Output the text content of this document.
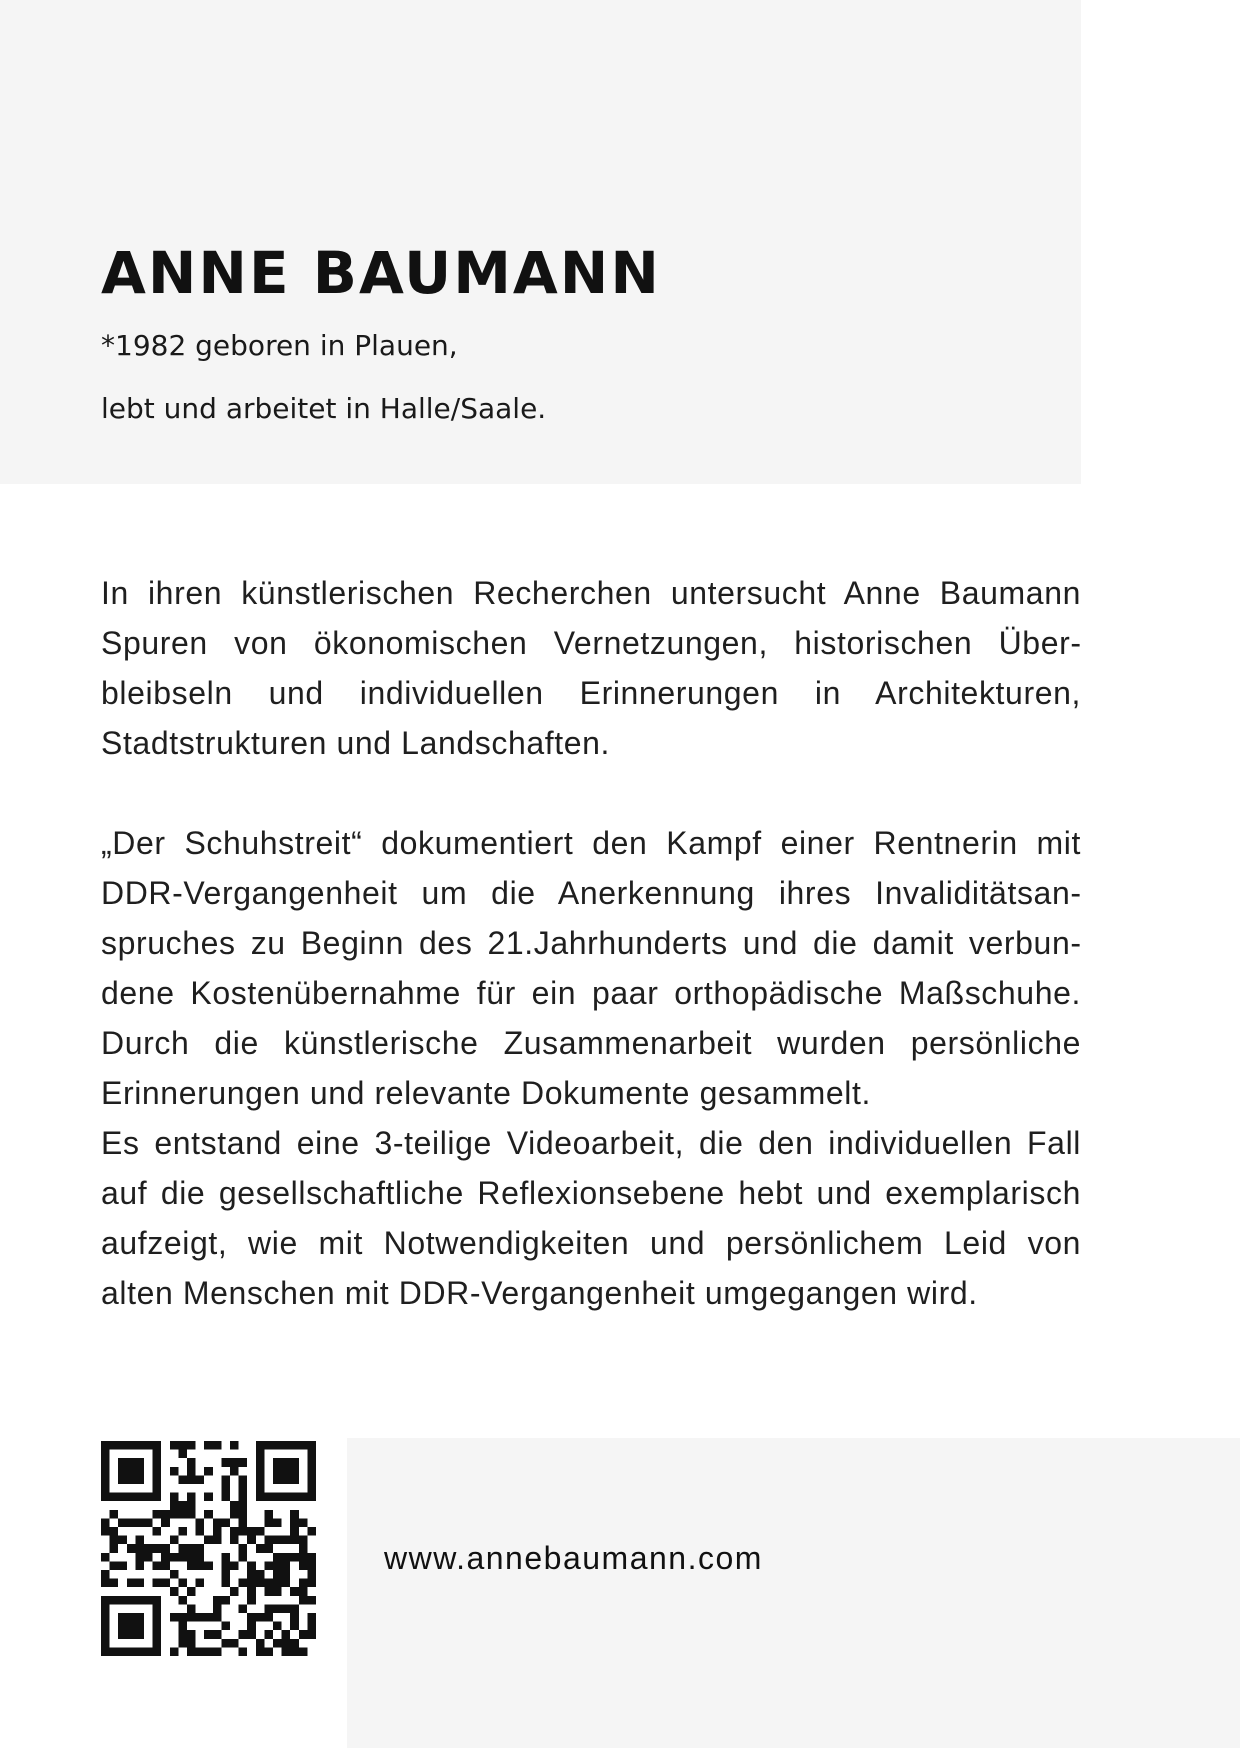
ANNE BAUMANN

*1982 geboren in Plauen,

lebt und arbeitet in Halle/Saale.

In ihren künstlerischen Recherchen untersucht Anne Baumann Spuren von ökonomischen Vernetzungen, historischen Überbleibseln und individuellen Erinnerungen in Architekturen, Stadtstrukturen und Landschaften.

„Der Schuhstreit“ dokumentiert den Kampf einer Rentnerin mit DDR-Vergangenheit um die Anerkennung ihres Invaliditätsanspruches zu Beginn des 21.Jahrhunderts und die damit verbundene Kostenübernahme für ein paar orthopädische Maßschuhe. Durch die künstlerische Zusammenarbeit wurden persönliche Erinnerungen und relevante Dokumente gesammelt.

Es entstand eine 3-teilige Videoarbeit, die den individuellen Fall auf die gesellschaftliche Reflexionsebene hebt und exemplarisch aufzeigt, wie mit Notwendigkeiten und persönlichem Leid von alten Menschen mit DDR-Vergangenheit umgegangen wird.

www.annebaumann.com
